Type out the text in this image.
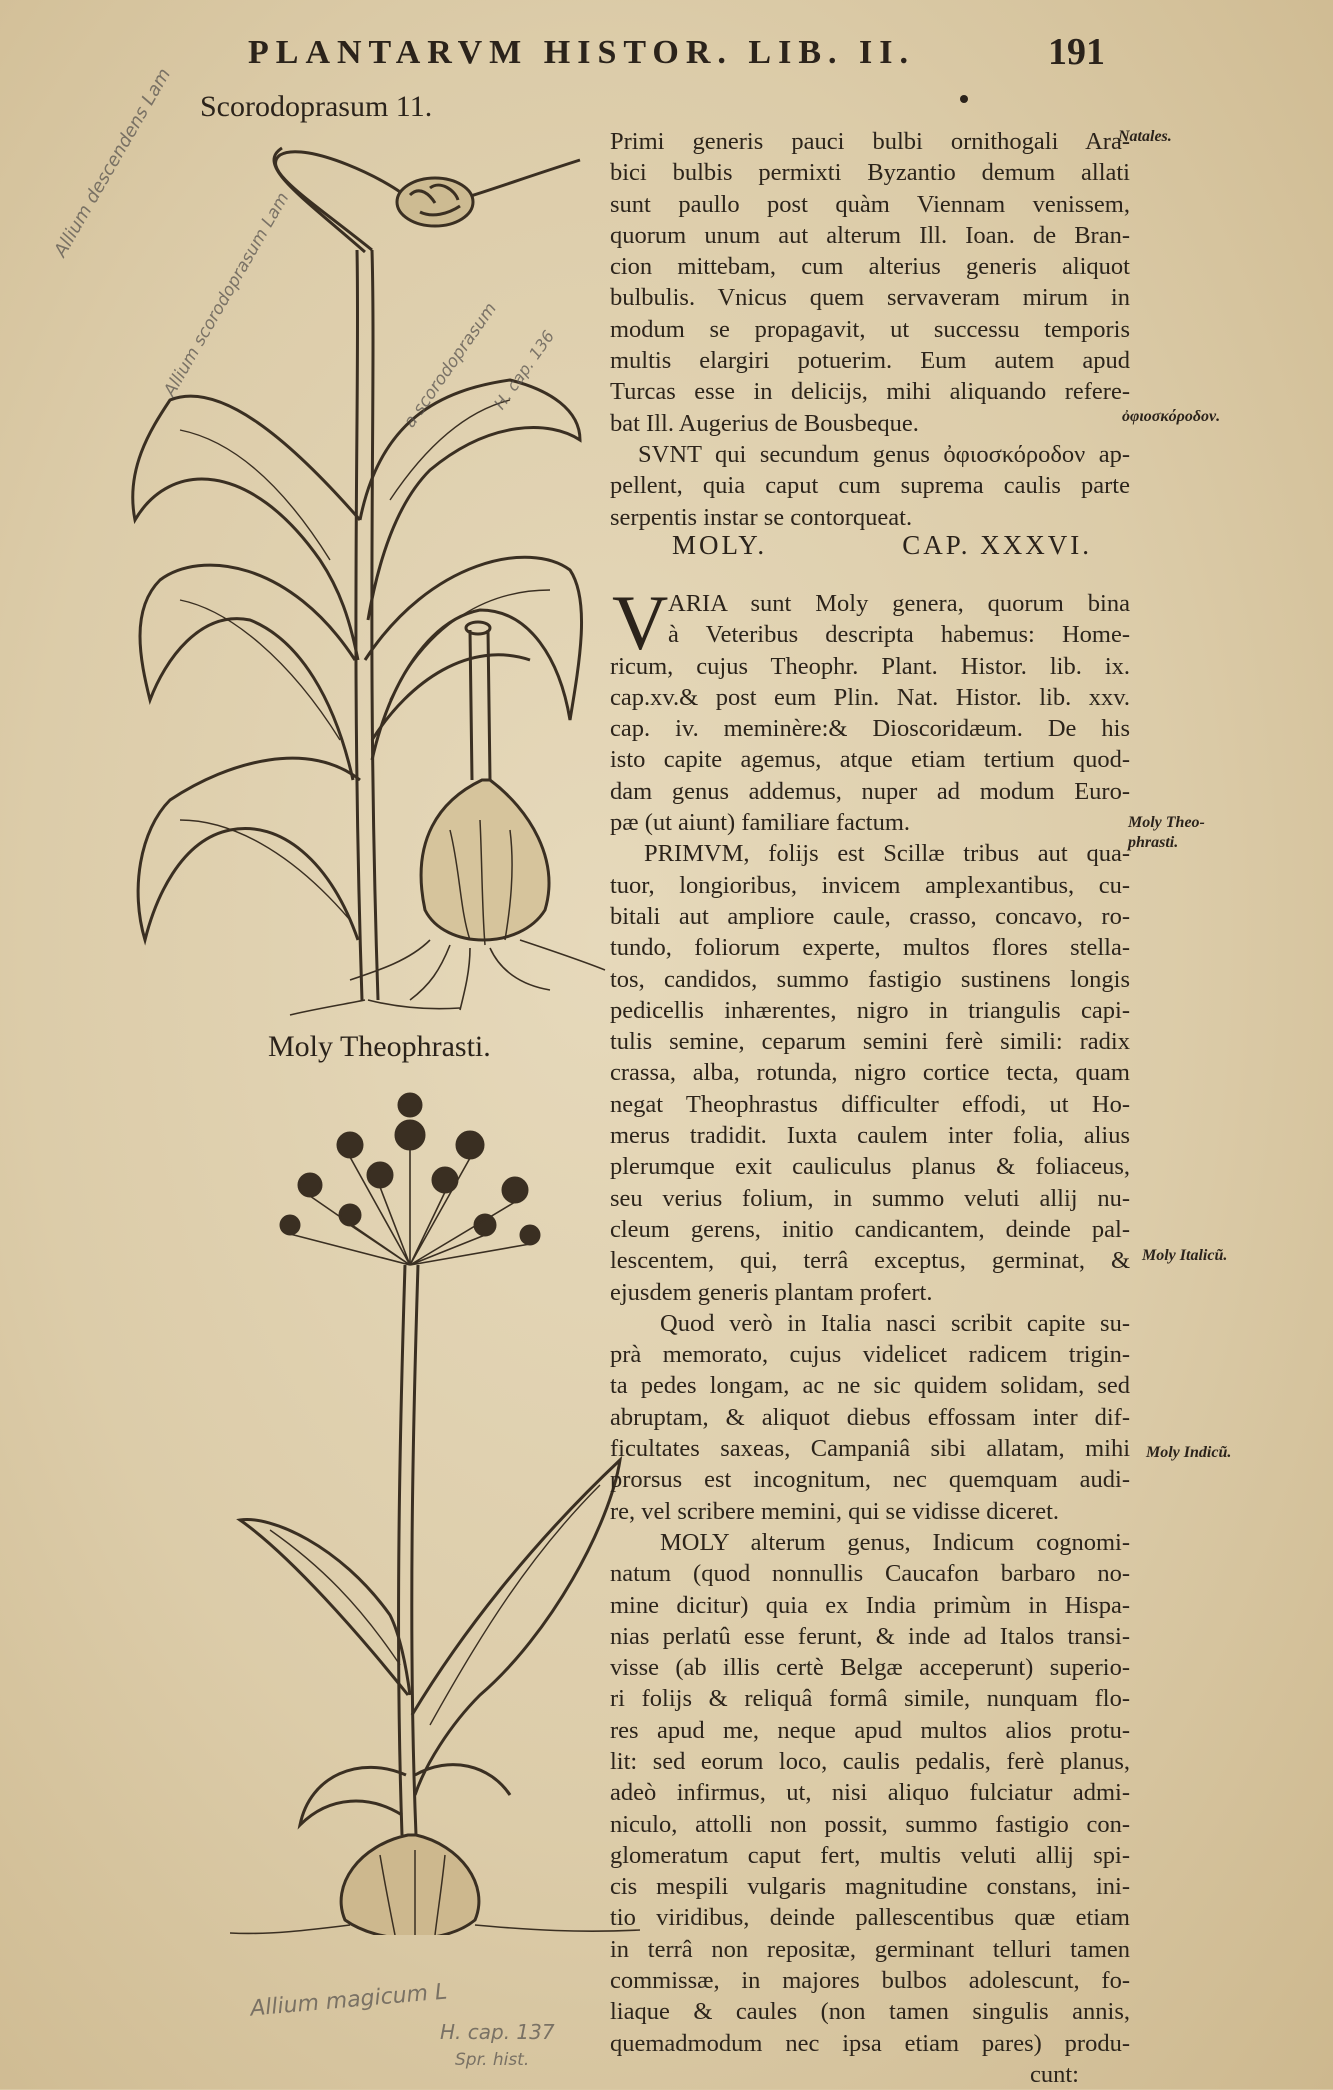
PLANTARVM HISTOR. LIB. II.	191
Scorodoprasum 11.
Moly Theophrasti.
Primi generis pauci bulbi ornithogali Ara-
bici bulbis permixti Byzantio demum allati
sunt paullo post quàm Viennam venissem,
quorum unum aut alterum Ill. Ioan. de Bran-
cion mittebam, cum alterius generis aliquot
bulbulis. Vnicus quem servaveram mirum in
modum se propagavit, ut successu temporis
multis elargiri potuerim. Eum autem apud
Turcas esse in delicijs, mihi aliquando refere-
bat Ill. Augerius de Bousbeque.
SVNT qui secundum genus ὀφιοσκόροδον ap-
pellent, quia caput cum suprema caulis parte
serpentis instar se contorqueat.
MOLY.	CAP. XXXVI.
V ARIA sunt Moly genera, quorum bina
à Veteribus descripta habemus: Home-
ricum, cujus Theophr. Plant. Histor. lib. ix.
cap.xv.& post eum Plin. Nat. Histor. lib. xxv.
cap. iv. meminère:& Dioscoridæum. De his
isto capite agemus, atque etiam tertium quod-
dam genus addemus, nuper ad modum Euro-
pæ (ut aiunt) familiare factum.
PRIMVM, folijs est Scillæ tribus aut qua-
tuor, longioribus, invicem amplexantibus, cu-
bitali aut ampliore caule, crasso, concavo, ro-
tundo, foliorum experte, multos flores stella-
tos, candidos, summo fastigio sustinens longis
pedicellis inhærentes, nigro in triangulis capi-
tulis semine, ceparum semini ferè simili: radix
crassa, alba, rotunda, nigro cortice tecta, quam
negat Theophrastus difficulter effodi, ut Ho-
merus tradidit. Iuxta caulem inter folia, alius
plerumque exit cauliculus planus & foliaceus,
seu verius folium, in summo veluti allij nu-
cleum gerens, initio candicantem, deinde pal-
lescentem, qui, terrâ exceptus, germinat, &
ejusdem generis plantam profert.
Quod verò in Italia nasci scribit capite su-
prà memorato, cujus videlicet radicem trigin-
ta pedes longam, ac ne sic quidem solidam, sed
abruptam, & aliquot diebus effossam inter dif-
ficultates saxeas, Campaniâ sibi allatam, mihi
prorsus est incognitum, nec quemquam audi-
re, vel scribere memini, qui se vidisse diceret.
MOLY alterum genus, Indicum cognomi-
natum (quod nonnullis Caucafon barbaro no-
mine dicitur) quia ex India primùm in Hispa-
nias perlatû esse ferunt, & inde ad Italos transi-
visse (ab illis certè Belgæ acceperunt) superio-
ri folijs & reliquâ formâ simile, nunquam flo-
res apud me, neque apud multos alios protu-
lit: sed eorum loco, caulis pedalis, ferè planus,
adeò infirmus, ut, nisi aliquo fulciatur admi-
niculo, attolli non possit, summo fastigio con-
glomeratum caput fert, multis veluti allij spi-
cis mespili vulgaris magnitudine constans, ini-
tio viridibus, deinde pallescentibus quæ etiam
in terrâ non repositæ, germinant telluri tamen
commissæ, in majores bulbos adolescunt, fo-
liaque & caules (non tamen singulis annis,
quemadmodum nec ipsa etiam pares) produ-
cunt:
Natales.
ὀφιοσκόροδον.
Moly Theo-
phrasti.
Moly Italicũ.
Moly Indicũ.
Allium descendens Lam
Allium scorodoprasum Lam	a scorodoprasum
H. cap. 136
Allium magicum L
H. cap. 137
Spr. hist.
